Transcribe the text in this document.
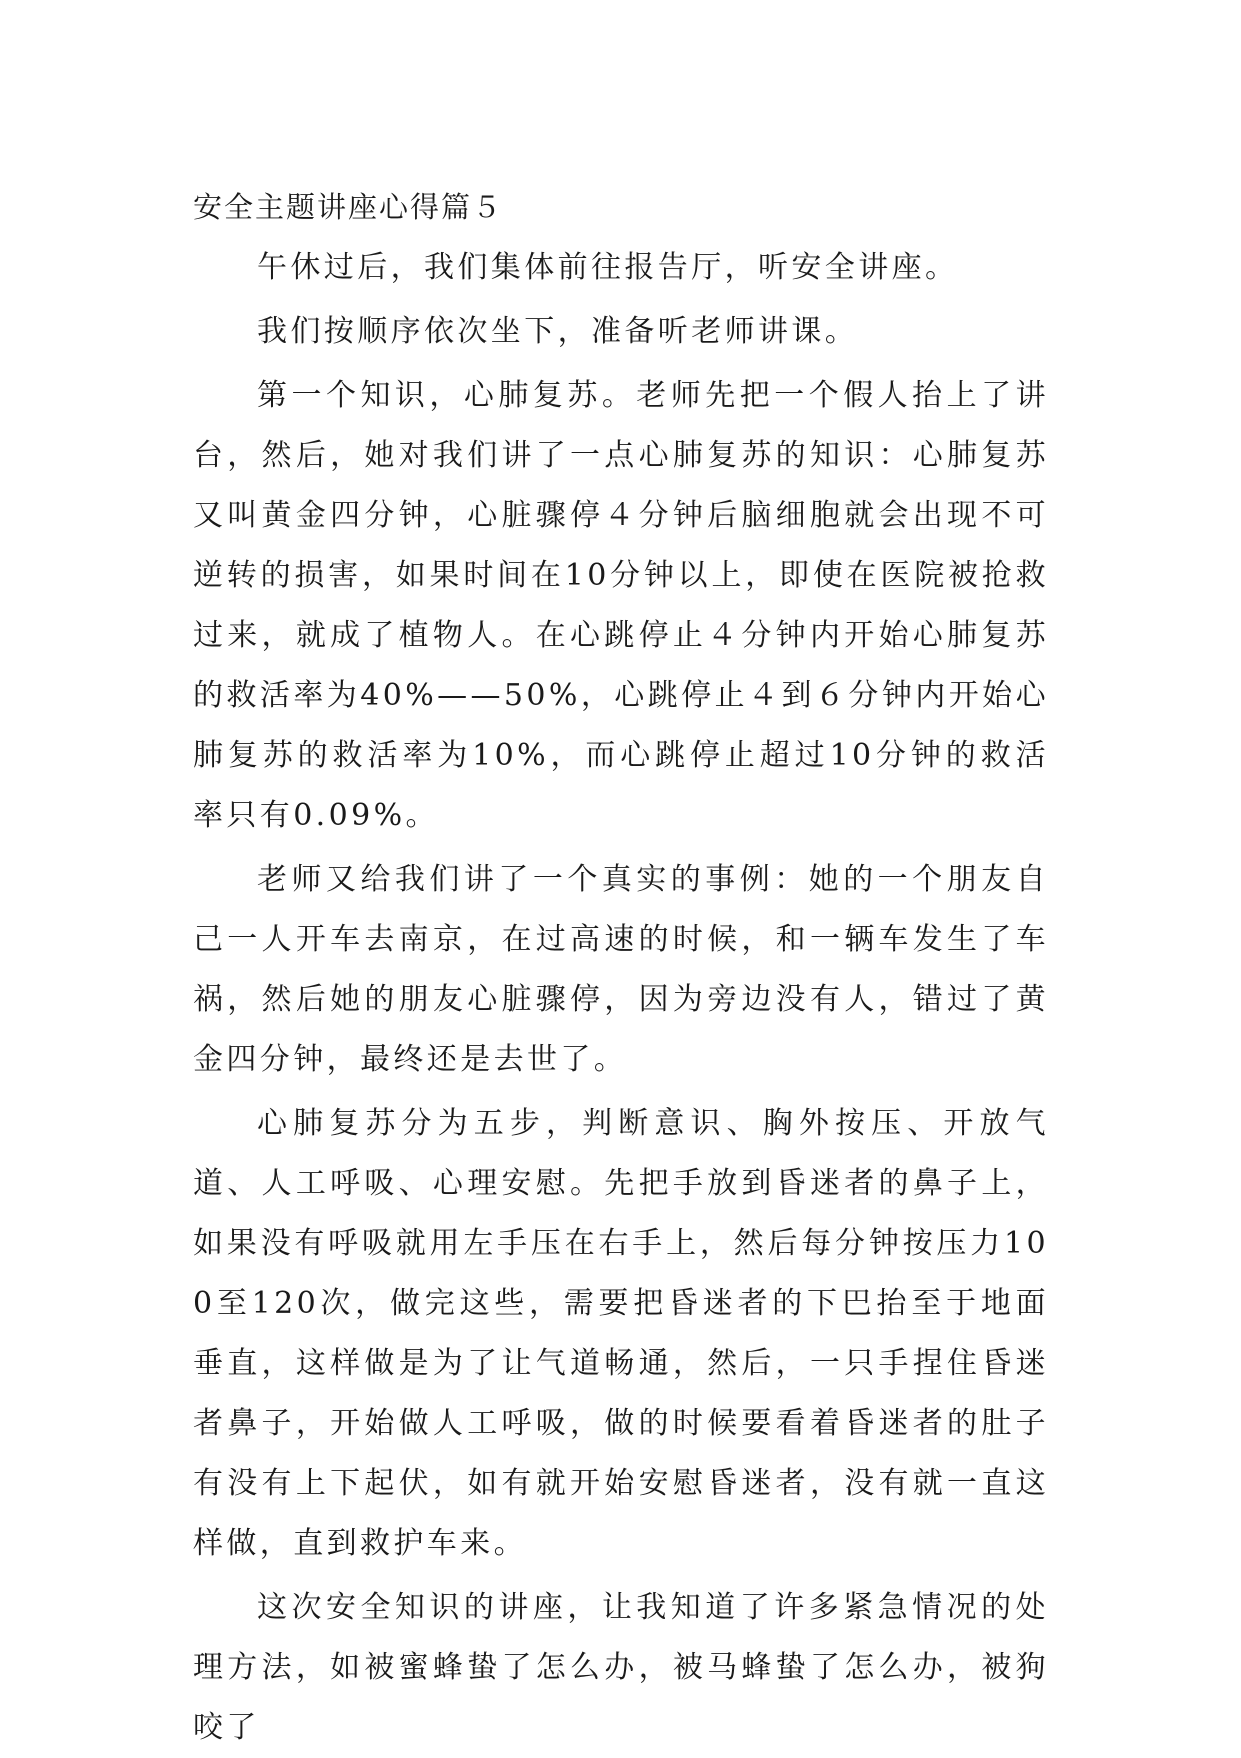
安全主题讲座心得篇５

午休过后，我们集体前往报告厅，听安全讲座。

我们按顺序依次坐下，准备听老师讲课。

第一个知识，心肺复苏。老师先把一个假人抬上了讲台，然后，她对我们讲了一点心肺复苏的知识：心肺复苏又叫黄金四分钟，心脏骤停４分钟后脑细胞就会出现不可逆转的损害，如果时间在10分钟以上，即使在医院被抢救过来，就成了植物人。在心跳停止４分钟内开始心肺复苏的救活率为40%——50%，心跳停止４到６分钟内开始心肺复苏的救活率为10%，而心跳停止超过10分钟的救活率只有0.09%。

老师又给我们讲了一个真实的事例：她的一个朋友自己一人开车去南京，在过高速的时候，和一辆车发生了车祸，然后她的朋友心脏骤停，因为旁边没有人，错过了黄金四分钟，最终还是去世了。

心肺复苏分为五步，判断意识、胸外按压、开放气道、人工呼吸、心理安慰。先把手放到昏迷者的鼻子上，如果没有呼吸就用左手压在右手上，然后每分钟按压力100至120次，做完这些，需要把昏迷者的下巴抬至于地面垂直，这样做是为了让气道畅通，然后，一只手捏住昏迷者鼻子，开始做人工呼吸，做的时候要看着昏迷者的肚子有没有上下起伏，如有就开始安慰昏迷者，没有就一直这样做，直到救护车来。

这次安全知识的讲座，让我知道了许多紧急情况的处理方法，如被蜜蜂蛰了怎么办，被马蜂蛰了怎么办，被狗咬了
